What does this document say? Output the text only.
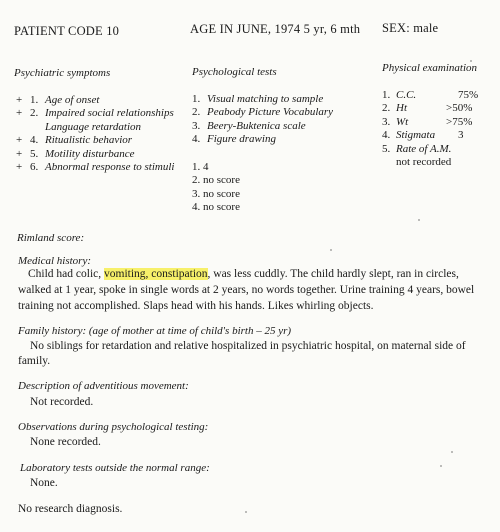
PATIENT CODE 10	AGE IN JUNE, 1974 5 yr, 6 mth SEX: male
Psychiatric symptoms	Psychological tests	Physical examination
+ 1. Age of onset
+ 2. Impaired social relationships
Language retardation
+ 4. Ritualistic behavior
+ 5. Motility disturbance
+ 6. Abnormal response to stimuli
1. Visual matching to sample
2. Peabody Picture Vocabulary
3. Beery-Buktenica scale
4. Figure drawing
1. 4
2. no score
3. no score
4. no score
1. C.C.	75%
2. Ht	>50%
3. Wt	>75%
4. Stigmata 3
5. Rate of A.M.
not recorded
Rimland score:
Medical history:
Child had colic, vomiting, constipation, was less cuddly. The child hardly slept, ran in circles,
walked at 1 year, spoke in single words at 2 years, no words together. Urine training 4 years, bowel
training not accomplished. Slaps head with his hands. Likes whirling objects.
Family history: (age of mother at time of child's birth – 25 yr)
No siblings for retardation and relative hospitalized in psychiatric hospital, on maternal side of
family.
Description of adventitious movement:
Not recorded.
Observations during psychological testing:
None recorded.
Laboratory tests outside the normal range:
None.
No research diagnosis.
